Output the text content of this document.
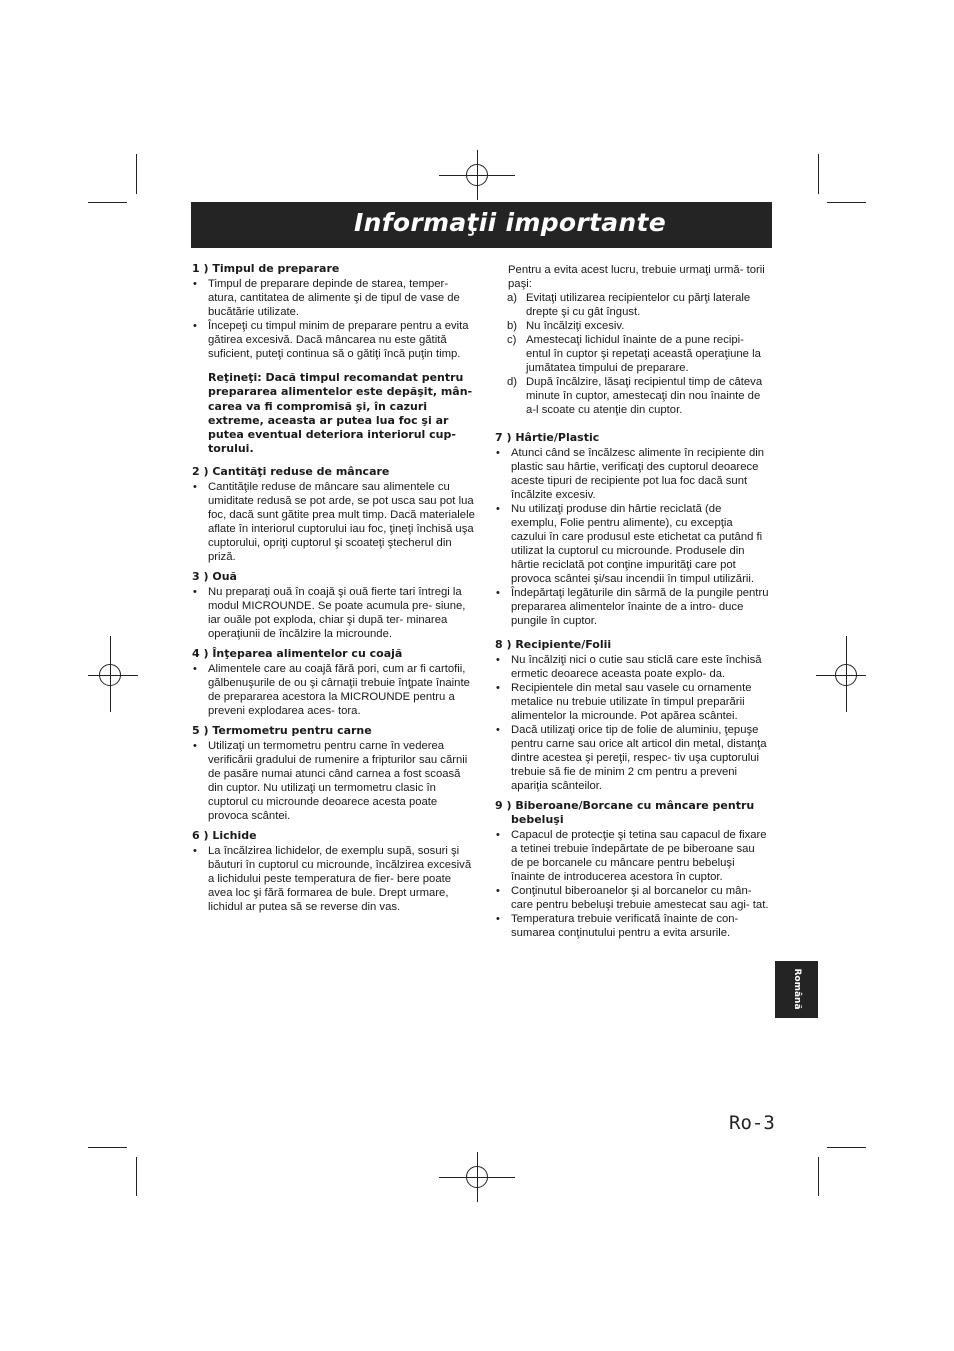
Informaţii importante
1 ) Timpul de preparare
• Timpul de preparare depinde de starea, temper- atura, cantitatea de alimente şi de tipul de vase de bucătărie utilizate.
• Începeţi cu timpul minim de preparare pentru a evita gătirea excesivă. Dacă mâncarea nu este gătită suficient, puteţi continua să o gătiţi încă puţin timp.
Reţineţi: Dacă timpul recomandat pentru prepararea alimentelor este depăşit, mân- carea va fi compromisă şi, în cazuri extreme, aceasta ar putea lua foc şi ar putea eventual deteriora interiorul cup- torului.
2 ) Cantităţi reduse de mâncare
• Cantităţile reduse de mâncare sau alimentele cu umiditate redusă se pot arde, se pot usca sau pot lua foc, dacă sunt gătite prea mult timp. Dacă materialele aflate în interiorul cuptorului iau foc, ţineţi închisă uşa cuptorului, opriţi cuptorul şi scoateţi ştecherul din priză.
3 ) Ouă
• Nu preparaţi ouă în coajă şi ouă fierte tari întregi la modul MICROUNDE. Se poate acumula pre- siune, iar ouăle pot exploda, chiar şi după ter- minarea operaţiunii de încălzire la microunde.
4 ) Înţeparea alimentelor cu coajă
• Alimentele care au coajă fără pori, cum ar fi cartofii, gălbenuşurile de ou şi cârnaţii trebuie înţpate înainte de prepararea acestora la MICROUNDE pentru a preveni explodarea aces- tora.
5 ) Termometru pentru carne
• Utilizaţi un termometru pentru carne în vederea verificării gradului de rumenire a fripturilor sau cărnii de pasăre numai atunci când carnea a fost scoasă din cuptor. Nu utilizaţi un termometru clasic în cuptorul cu microunde deoarece acesta poate provoca scântei.
6 ) Lichide
• La încălzirea lichidelor, de exemplu supă, sosuri şi băuturi în cuptorul cu microunde, încălzirea excesivă a lichidului peste temperatura de fier- bere poate avea loc şi fără formarea de bule. Drept urmare, lichidul ar putea să se reverse din vas.
Pentru a evita acest lucru, trebuie urmaţi urmă- torii paşi:
a) Evitaţi utilizarea recipientelor cu părţi laterale drepte şi cu gât îngust.
b) Nu încălziţi excesiv.
c) Amestecaţi lichidul înainte de a pune recipi- entul în cuptor şi repetaţi această operaţiune la jumătatea timpului de preparare.
d) După încălzire, lăsaţi recipientul timp de câteva minute în cuptor, amestecaţi din nou înainte de a-l scoate cu atenţie din cuptor.
7 ) Hârtie/Plastic
• Atunci când se încălzesc alimente în recipiente din plastic sau hârtie, verificaţi des cuptorul deoarece aceste tipuri de recipiente pot lua foc dacă sunt încălzite excesiv.
• Nu utilizaţi produse din hârtie reciclată (de exemplu, Folie pentru alimente), cu excepţia cazului în care produsul este etichetat ca putând fi utilizat la cuptorul cu microunde. Produsele din hârtie reciclată pot conţine impurităţi care pot provoca scântei şi/sau incendii în timpul utilizării.
• Îndepărtaţi legăturile din sârmă de la pungile pentru prepararea alimentelor înainte de a intro- duce pungile în cuptor.
8 ) Recipiente/Folii
• Nu încălziţi nici o cutie sau sticlă care este închisă ermetic deoarece aceasta poate explo- da.
• Recipientele din metal sau vasele cu ornamente metalice nu trebuie utilizate în timpul preparării alimentelor la microunde. Pot apărea scântei.
• Dacă utilizaţi orice tip de folie de aluminiu, ţepuşe pentru carne sau orice alt articol din metal, distanţa dintre acestea şi pereţii, respec- tiv uşa cuptorului trebuie să fie de minim 2 cm pentru a preveni apariţia scânteilor.
9 ) Biberoane/Borcane cu mâncare pentru bebeluşi
• Capacul de protecţie şi tetina sau capacul de fixare a tetinei trebuie îndepărtate de pe biberoane sau de pe borcanele cu mâncare pentru bebeluşi înainte de introducerea acestora în cuptor.
• Conţinutul biberoanelor şi al borcanelor cu mân- care pentru bebeluşi trebuie amestecat sau agi- tat.
• Temperatura trebuie verificată înainte de con- sumarea conţinutului pentru a evita arsurile.
Română
Ro-3
